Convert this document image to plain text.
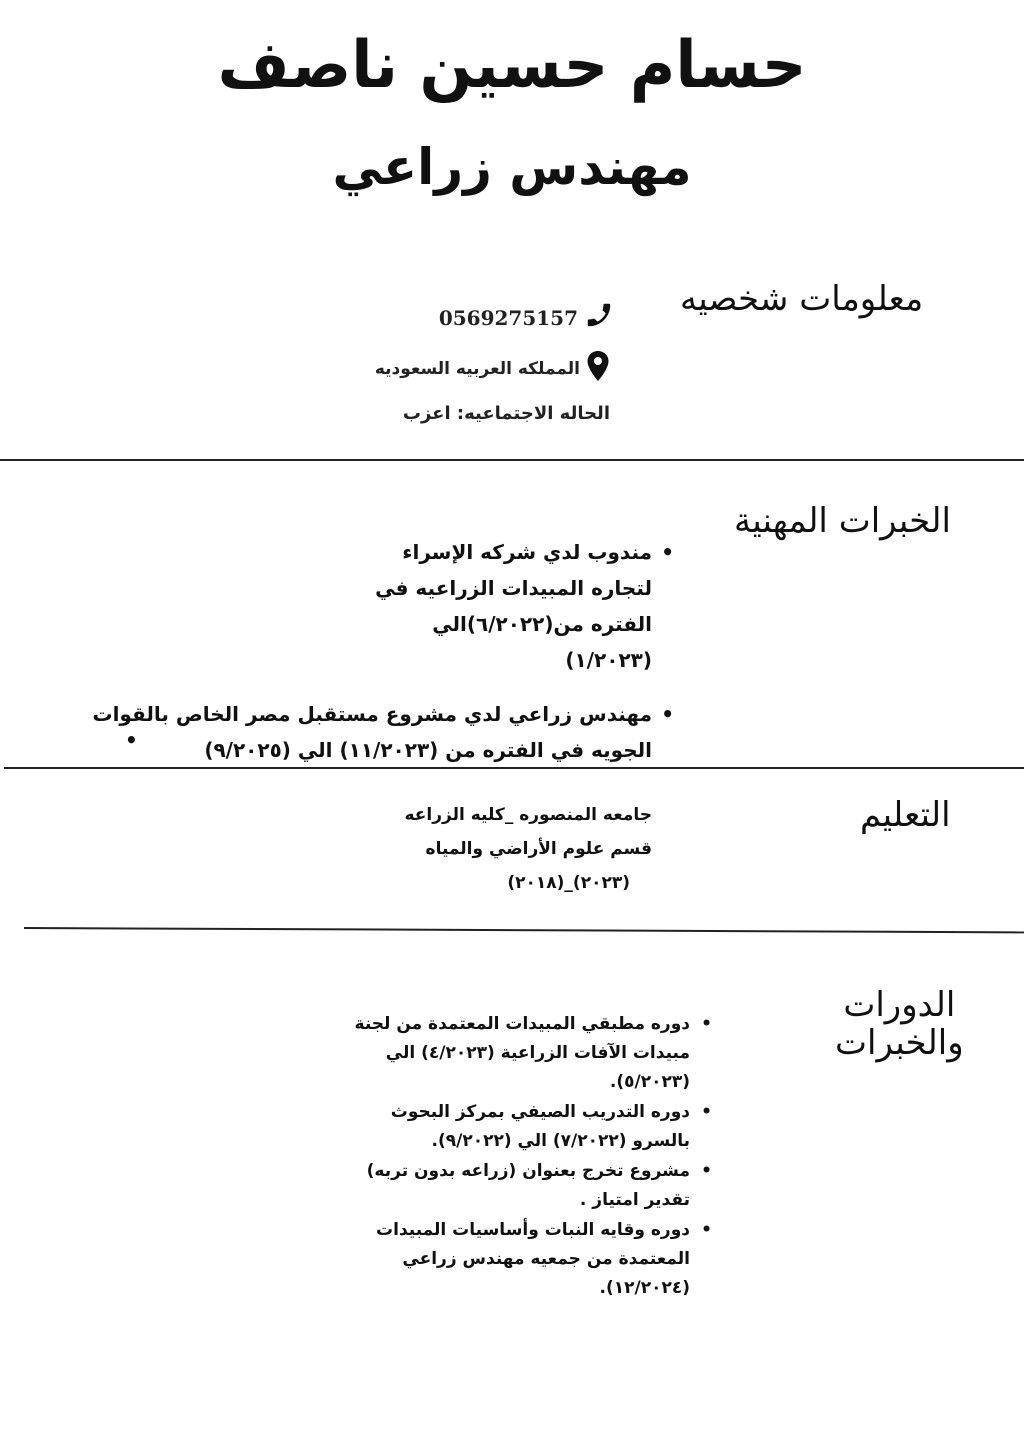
حسام حسين ناصف
مهندس زراعي
معلومات شخصيه
0569275157
المملكه العربيه السعوديه
الحاله الاجتماعيه: اعزب
الخبرات المهنية
• مندوب لدي شركه الإسراء
لتجاره المبيدات الزراعيه في
الفتره من(٦/٢٠٢٢)الي (١/٢٠٢٣)
• مهندس زراعي لدي مشروع مستقبل مصر الخاص بالقوات
الجويه في الفتره من (١١/٢٠٢٣) الي (٩/٢٠٢٥)
•
التعليم
جامعه المنصوره _كليه الزراعه
قسم علوم الأراضي والمياه
(٢٠٢٣)_(٢٠١٨)
الدورات
والخبرات
• دوره مطبقي المبيدات المعتمدة من لجنة
مبيدات الآفات الزراعية (٤/٢٠٢٣) الي
(٥/٢٠٢٣).
• دوره التدريب الصيفي بمركز البحوث
بالسرو (٧/٢٠٢٢) الي (٩/٢٠٢٢).
• مشروع تخرج بعنوان (زراعه بدون تربه)
تقدير امتياز .
• دوره وقايه النبات وأساسيات المبيدات
المعتمدة من جمعيه مهندس زراعي
(١٢/٢٠٢٤).
